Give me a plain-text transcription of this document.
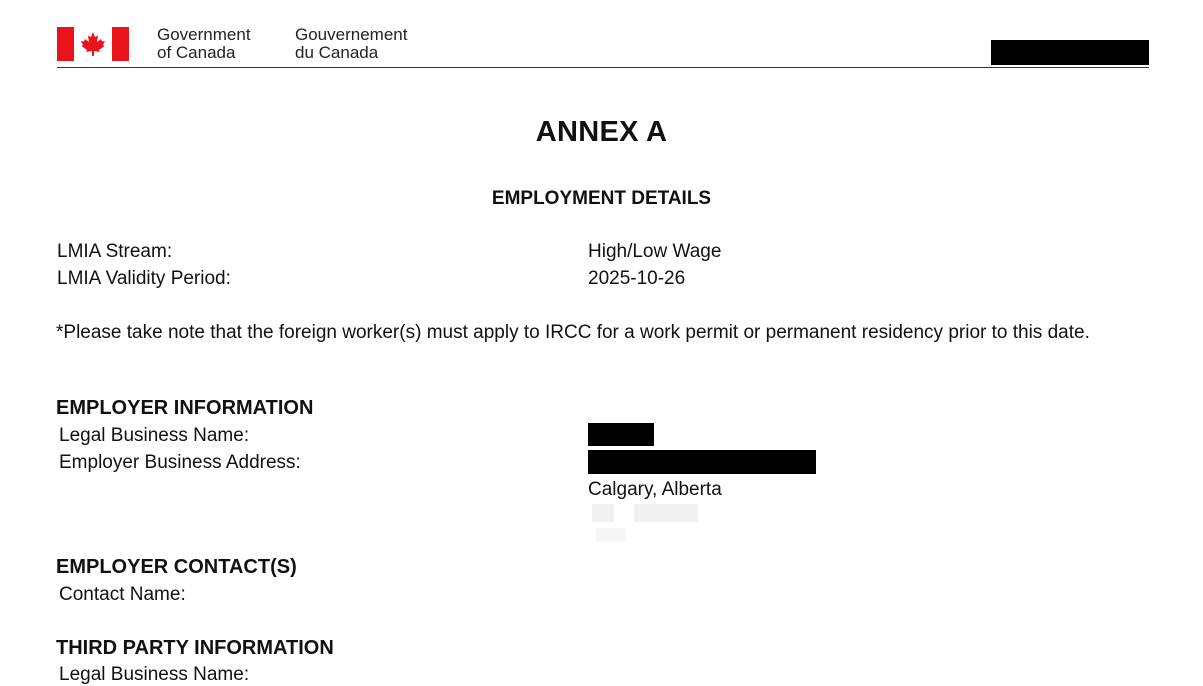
Government
of Canada
Gouvernement
du Canada
ANNEX A
EMPLOYMENT DETAILS
LMIA Stream:	High/Low Wage
LMIA Validity Period:	2025-10-26
*Please take note that the foreign worker(s) must apply to IRCC for a work permit or permanent residency prior to this date.
EMPLOYER INFORMATION
Legal Business Name:
Employer Business Address:
Calgary, Alberta
EMPLOYER CONTACT(S)
Contact Name:
THIRD PARTY INFORMATION
Legal Business Name:
